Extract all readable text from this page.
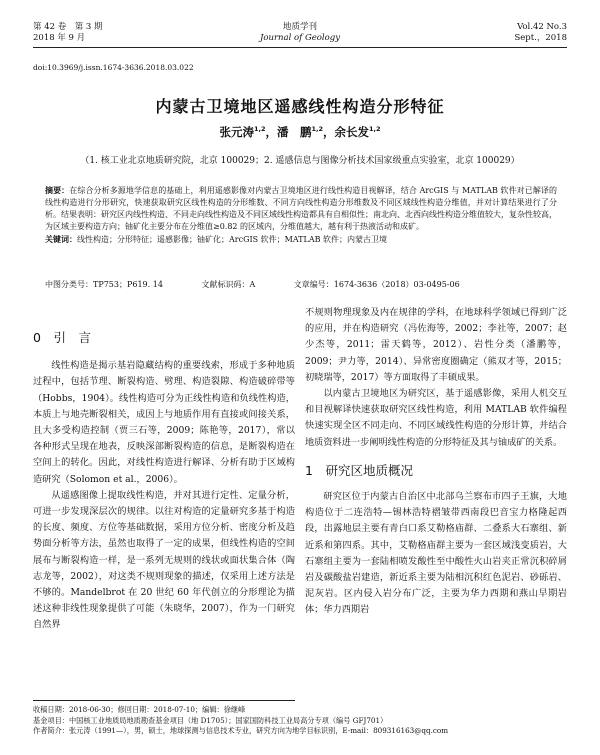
第 42 卷　第 3 期
2018 年 9 月
地质学刊
Journal of Geology
Vol.42 No.3
Sept.，2018
doi:10.3969/j.issn.1674-3636.2018.03.022
内蒙古卫境地区遥感线性构造分形特征
张元涛$^{1,2}$，潘　鹏$^{1,2}$，余长发$^{1,2}$
（1. 核工业北京地质研究院，北京 100029；2. 遥感信息与图像分析技术国家级重点实验室，北京 100029）
摘要：在综合分析多源地学信息的基础上，利用遥感影像对内蒙古卫境地区进行线性构造目视解译，结合 ArcGIS 与 MATLAB 软件对已解译的线性构造进行分形研究，快速获取研究区线性构造的分形维数、不同方向线性构造分形维数及不同区域线性构造分维值，并对计算结果进行了分析。结果表明：研究区内线性构造、不同走向线性构造及不同区域线性构造都具有自相似性；南北向、北西向线性构造分维值较大，复杂性较高，为区域主要构造方向；铀矿化主要分布在分维值≥0.82 的区域内，分维值越大，越有利于热液活动和成矿。
关键词：线性构造；分形特征；遥感影像；铀矿化；ArcGIS 软件；MATLAB 软件；内蒙古卫境
中图分类号：TP753；P619. 14	文献标识码：A	文章编号：1674-3636（2018）03-0495-06
0　引　言

线性构造是揭示基岩隐藏结构的重要线索，形成于多种地质过程中，包括节理、断裂构造、劈理、构造裂隙、构造破碎带等（Hobbs，1904）。线性构造可分为正线性构造和负线性构造，本质上与地壳断裂相关，成因上与地质作用有直接或间接关系，且大多受构造控制（贾三石等，2009；陈艳等，2017），常以各种形式呈现在地表，反映深部断裂构造的信息，是断裂构造在空间上的转化。因此，对线性构造进行解译、分析有助于区域构造研究（Solomon et al.，2006）。

从遥感图像上提取线性构造，并对其进行定性、定量分析，可进一步发现深层次的规律。以往对构造的定量研究多基于构造的长度、频度、方位等基础数据，采用方位分析、密度分析及趋势面分析等方法，虽然也取得了一定的成果，但线性构造的空间展布与断裂构造一样，是一系列无规则的线状或面状集合体（陶志龙等，2002），对这类不规则现象的描述，仅采用上述方法是不够的。Mandelbrot 在 20 世纪 60 年代创立的分形理论为描述这种非线性现象提供了可能（朱晓华，2007），作为一门研究自然界

不规则物理现象及内在规律的学科，在地球科学领域已得到广泛的应用，并在构造研究（冯佐海等，2002；李社等，2007；赵少杰等，2011；雷天鹤等，2012）、岩性分类（潘鹏等，2009；尹力等，2014）、异常密度圈确定（熊双才等，2015；初晓瑞等，2017）等方面取得了丰硕成果。

以内蒙古卫境地区为研究区，基于遥感影像，采用人机交互和目视解译快速获取研究区线性构造，利用 MATLAB 软件编程快速实现全区不同走向、不同区域线性构造的分形计算，并结合地质资料进一步阐明线性构造的分形特征及其与铀成矿的关系。

1　研究区地质概况

研究区位于内蒙古自治区中北部乌兰察布市四子王旗，大地构造位于二连浩特—锡林浩特褶皱带西南段巴音宝力格隆起西段，出露地层主要有青白口系艾勒格庙群、二叠系大石寨组、新近系和第四系。其中，艾勒格庙群主要为一套区域浅变质岩，大石寨组主要为一套陆相喷发酸性至中酸性火山岩夹正常沉积碎屑岩及碳酸盐岩建造，新近系主要为陆相沉积红色泥岩、砂砾岩、泥灰岩。区内侵入岩分布广泛，主要为华力西期和燕山早期岩体；华力西期岩

收稿日期：2018-06-30；修回日期：2018-07-10；编辑：徐继峰
基金项目：中国核工业地质局地质勘查基金项目（地 D1705）；国家国防科技工业局高分专项（编号 GFJ701）
作者简介：张元涛（1991—），男，硕士，地球探测与信息技术专业，研究方向为地学目标识别，E-mail：809316163@qq.com
